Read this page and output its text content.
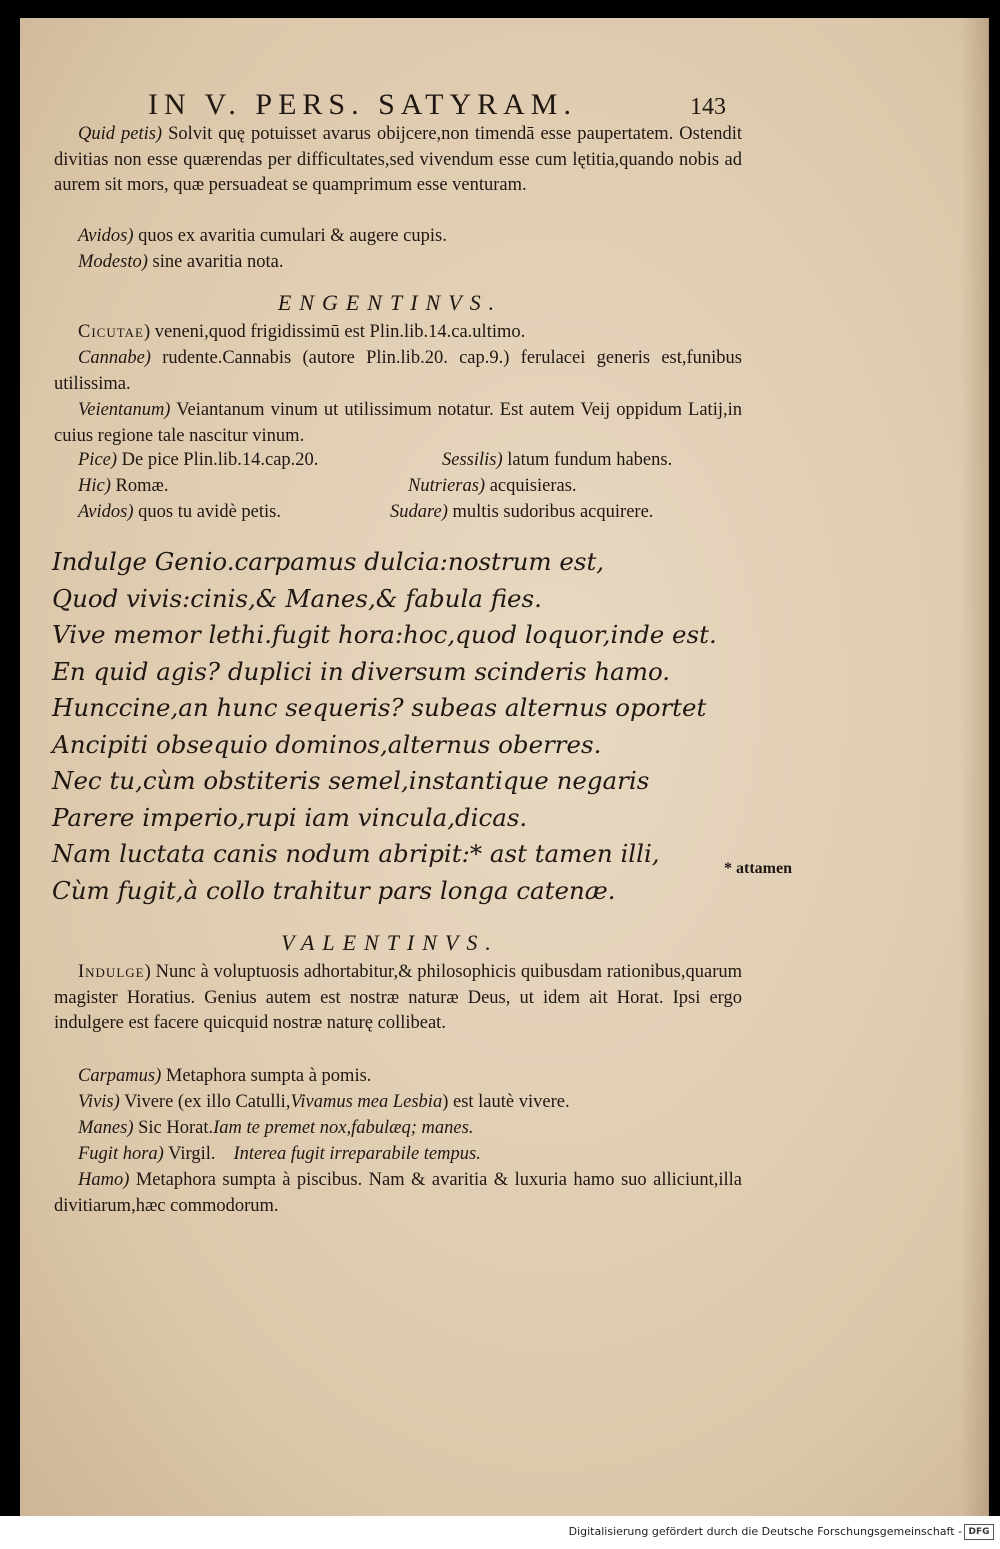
IN V. PERS. SATYRAM.	143
Quid petis) Solvit quę potuisset avarus obijcere,non timendā esse paupertatem. Ostendit divitias non esse quærendas per difficultates,sed vivendum esse cum lętitia,quando nobis ad aurem sit mors, quæ persuadeat se quamprimum esse venturam.
Avidos) quos ex avaritia cumulari & augere cupis.
Modesto) sine avaritia nota.
ENGENTINVS.
Cicutae) veneni,quod frigidissimū est Plin.lib.14.ca.ultimo.
Cannabe) rudente.Cannabis (autore Plin.lib.20. cap.9.) ferulacei generis est,funibus utilissima.
Veientanum) Veiantanum vinum ut utilissimum notatur. Est autem Veij oppidum Latij,in cuius regione tale nascitur vinum.
Pice) De pice Plin.lib.14.cap.20.	Sessilis) latum fundum habens.
Hic) Romæ.	Nutrieras) acquisieras.
Avidos) quos tu avidè petis.	Sudare) multis sudoribus acquirere.
Indulge Genio.carpamus dulcia:nostrum est,
Quod vivis:cinis,& Manes,& fabula fies.
Vive memor lethi.fugit hora:hoc,quod loquor,inde est.
En quid agis? duplici in diversum scinderis hamo.
Hunccine,an hunc sequeris? subeas alternus oportet
Ancipiti obsequio dominos,alternus oberres.
Nec tu,cùm obstiteris semel,instantique negaris
Parere imperio,rupi iam vincula,dicas.
Nam luctata canis nodum abripit:* ast tamen illi,
Cùm fugit,à collo trahitur pars longa catenæ.
* attamen
VALENTINVS.
Indulge) Nunc à voluptuosis adhortabitur,& philosophicis quibusdam rationibus,quarum magister Horatius. Genius autem est nostræ naturæ Deus, ut idem ait Horat. Ipsi ergo indulgere est facere quicquid nostræ naturę collibeat.
Carpamus) Metaphora sumpta à pomis.
Vivis) Vivere (ex illo Catulli,Vivamus mea Lesbia) est lautè vivere.
Manes) Sic Horat.Iam te premet nox,fabulæq; manes.
Fugit hora) Virgil. Interea fugit irreparabile tempus.
Hamo) Metaphora sumpta à piscibus. Nam & avaritia & luxuria hamo suo alliciunt,illa divitiarum,hæc commodorum.
Digitalisierung gefördert durch die Deutsche Forschungsgemeinschaft - DFG
